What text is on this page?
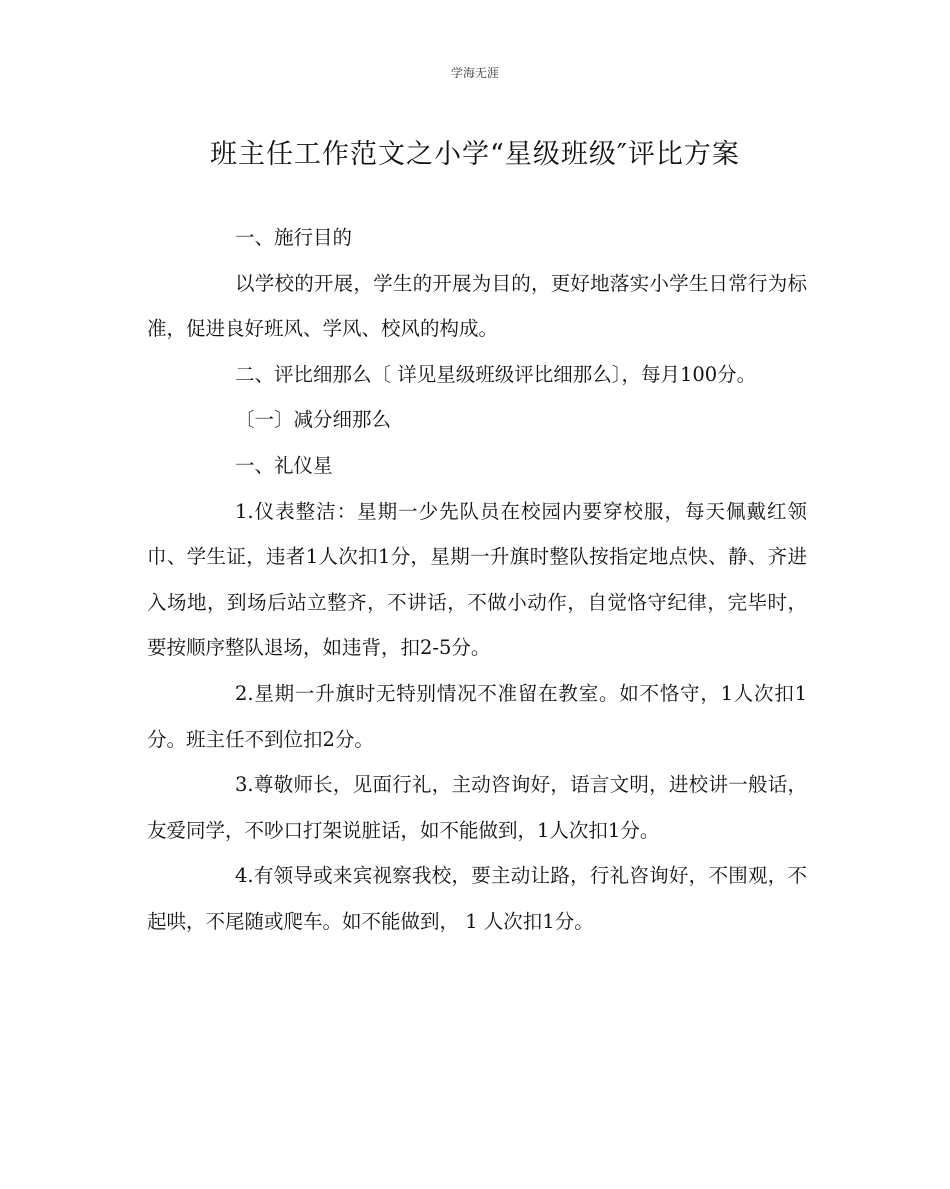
学海无涯
班主任工作范文之小学“星级班级″评比方案

一、施行目的

以学校的开展，学生的开展为目的，更好地落实小学生日常行为标准，促进良好班风、学风、校风的构成。

二、评比细那么〔 详见星级班级评比细那么〕，每月100分。

〔一〕减分细那么

一、礼仪星

1.仪表整洁：星期一少先队员在校园内要穿校服，每天佩戴红领巾、学生证，违者1人次扣1分，星期一升旗时整队按指定地点快、静、齐进入场地，到场后站立整齐，不讲话，不做小动作，自觉恪守纪律，完毕时，要按顺序整队退场，如违背，扣2-5分。

2.星期一升旗时无特别情况不准留在教室。如不恪守，1人次扣1分。班主任不到位扣2分。

3.尊敬师长，见面行礼，主动咨询好，语言文明，进校讲一般话，友爱同学，不吵口打架说脏话，如不能做到，1人次扣1分。

4.有领导或来宾视察我校，要主动让路，行礼咨询好，不围观，不起哄，不尾随或爬车。如不能做到， 1 人次扣1分。
